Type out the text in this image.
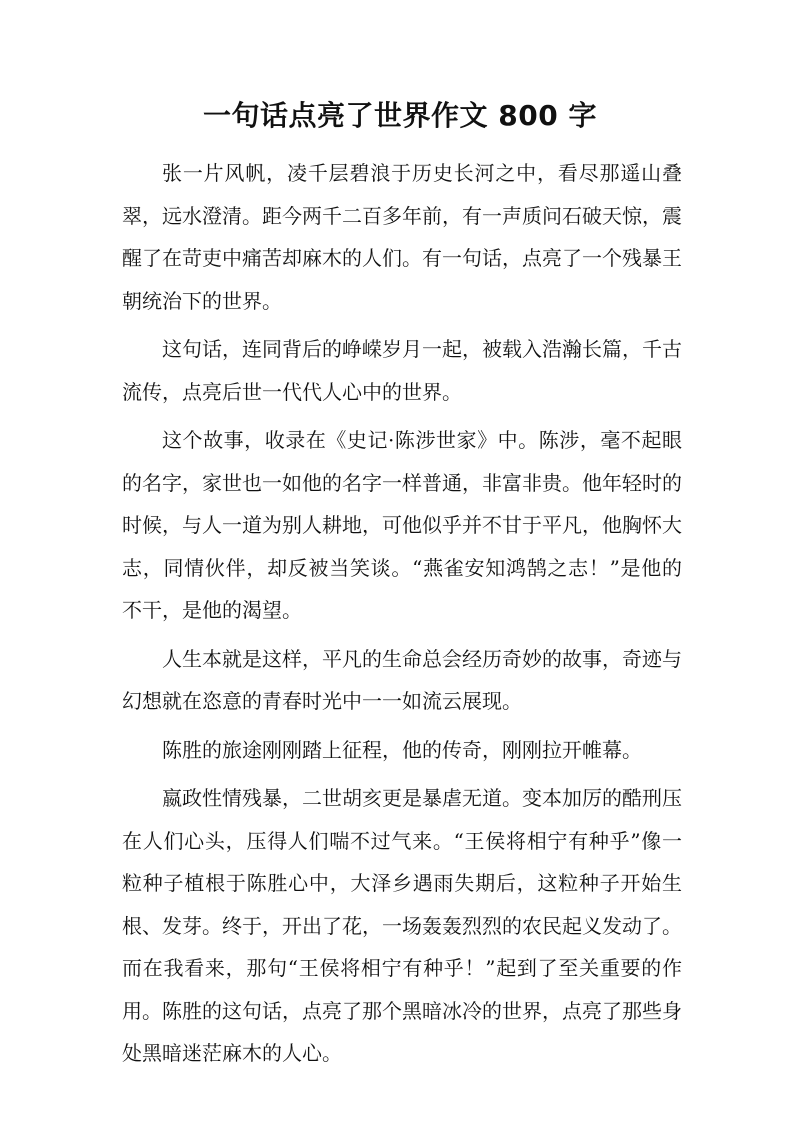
一句话点亮了世界作文 800 字

张一片风帆，凌千层碧浪于历史长河之中，看尽那遥山叠翠，远水澄清。距今两千二百多年前，有一声质问石破天惊，震醒了在苛吏中痛苦却麻木的人们。有一句话，点亮了一个残暴王朝统治下的世界。

这句话，连同背后的峥嵘岁月一起，被载入浩瀚长篇，千古流传，点亮后世一代代人心中的世界。

这个故事，收录在《史记·陈涉世家》中。陈涉，毫不起眼的名字，家世也一如他的名字一样普通，非富非贵。他年轻时的时候，与人一道为别人耕地，可他似乎并不甘于平凡，他胸怀大志，同情伙伴，却反被当笑谈。“燕雀安知鸿鹄之志！”是他的不干，是他的渴望。

人生本就是这样，平凡的生命总会经历奇妙的故事，奇迹与幻想就在恣意的青春时光中一一如流云展现。

陈胜的旅途刚刚踏上征程，他的传奇，刚刚拉开帷幕。

嬴政性情残暴，二世胡亥更是暴虐无道。变本加厉的酷刑压在人们心头，压得人们喘不过气来。“王侯将相宁有种乎”像一粒种子植根于陈胜心中，大泽乡遇雨失期后，这粒种子开始生根、发芽。终于，开出了花，一场轰轰烈烈的农民起义发动了。而在我看来，那句“王侯将相宁有种乎！”起到了至关重要的作用。陈胜的这句话，点亮了那个黑暗冰冷的世界，点亮了那些身处黑暗迷茫麻木的人心。
